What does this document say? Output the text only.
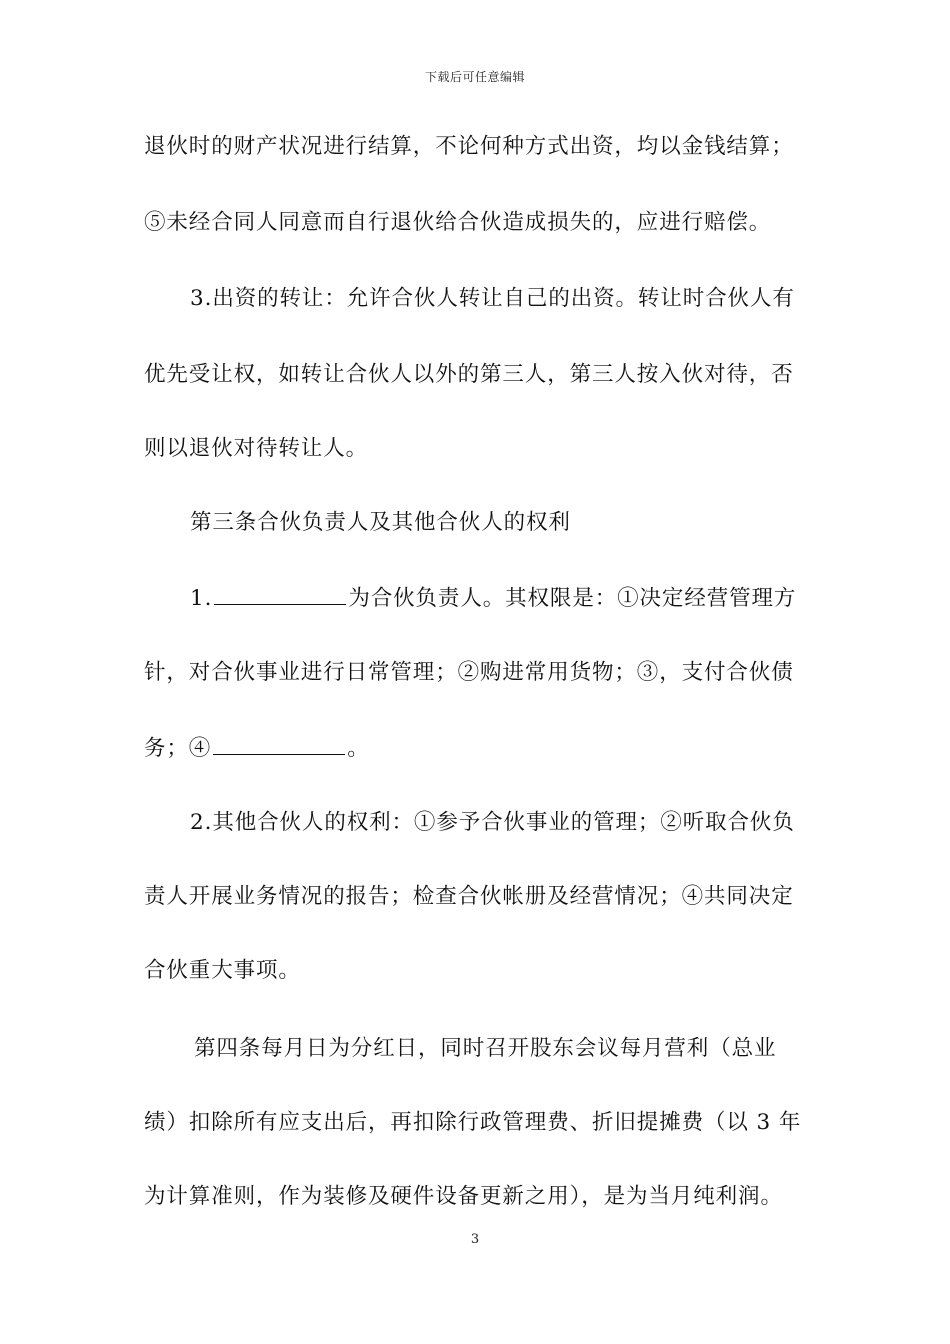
下载后可任意编辑
退伙时的财产状况进行结算，不论何种方式出资，均以金钱结算；
⑤未经合同人同意而自行退伙给合伙造成损失的，应进行赔偿。
3.出资的转让：允许合伙人转让自己的出资。转让时合伙人有
优先受让权，如转让合伙人以外的第三人，第三人按入伙对待，否
则以退伙对待转让人。
第三条合伙负责人及其他合伙人的权利
1.	为合伙负责人。其权限是：①决定经营管理方
针，对合伙事业进行日常管理；②购进常用货物；③，支付合伙债
务；④	。
2.其他合伙人的权利：①参予合伙事业的管理；②听取合伙负
责人开展业务情况的报告；检查合伙帐册及经营情况；④共同决定
合伙重大事项。
第四条每月日为分红日，同时召开股东会议每月营利（总业
绩）扣除所有应支出后，再扣除行政管理费、折旧提摊费（以 3 年
为计算准则，作为装修及硬件设备更新之用），是为当月纯利润。
3
